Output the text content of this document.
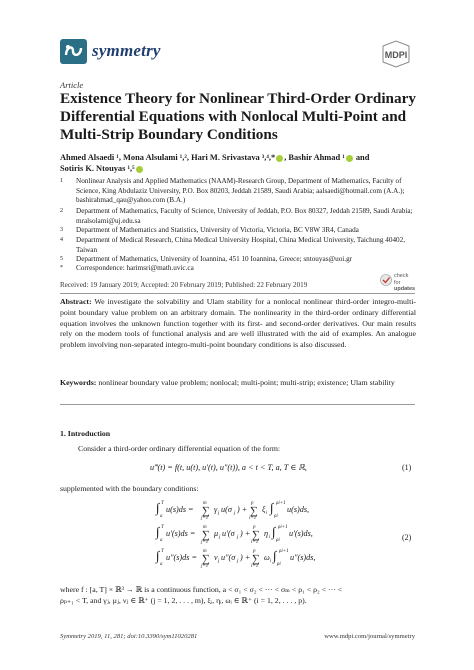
symmetry	MDPI
Article
Existence Theory for Nonlinear Third-Order Ordinary Differential Equations with Nonlocal Multi-Point and Multi-Strip Boundary Conditions
Ahmed Alsaedi ¹, Mona Alsulami ¹,², Hari M. Srivastava ³,⁴,* , Bashir Ahmad ¹ and
Sotiris K. Ntouyas ¹,⁵
1 Nonlinear Analysis and Applied Mathematics (NAAM)-Research Group, Department of Mathematics, Faculty of Science, King Abdulaziz University, P.O. Box 80203, Jeddah 21589, Saudi Arabia; aalsaedi@hotmail.com (A.A.); bashirahmad_qau@yahoo.com (B.A.)
2 Department of Mathematics, Faculty of Science, University of Jeddah, P.O. Box 80327, Jeddah 21589, Saudi Arabia; mralsolami@uj.edu.sa
3 Department of Mathematics and Statistics, University of Victoria, Victoria, BC V8W 3R4, Canada
4 Department of Medical Research, China Medical University Hospital, China Medical University, Taichung 40402, Taiwan
5 Department of Mathematics, University of Ioannina, 451 10 Ioannina, Greece; sntouyas@uoi.gr
* Correspondence: harimsri@math.uvic.ca
check for
updates
Received: 19 January 2019; Accepted: 20 February 2019; Published: 22 February 2019
Abstract: We investigate the solvability and Ulam stability for a nonlocal nonlinear third-order integro-multi-point boundary value problem on an arbitrary domain. The nonlinearity in the third-order ordinary differential equation involves the unknown function together with its first- and second-order derivatives. Our main results rely on the modern tools of functional analysis and are well illustrated with the aid of examples. An analogue problem involving non-separated integro-multi-point boundary conditions is also discussed.
Keywords: nonlinear boundary value problem; nonlocal; multi-point; multi-strip; existence; Ulam stability
1. Introduction
Consider a third-order ordinary differential equation of the form:
u‴(t) = f(t, u(t), u′(t), u″(t)), a < t < T, a, T ∈ ℝ,	(1)
supplemented with the boundary conditions:
∫ T
a
u(s)ds = ∑
m
j=1
γ j u(σ j ) + ∑
p
i=1
ξ i ∫ ρi+1
ρi
u(s)ds,
∫ T
a
u′(s)ds = ∑
m
j=1
μ j u′(σ j ) + ∑
p
i=1
η i ∫ ρi+1
ρi
u′(s)ds,
∫ T
a
u″(s)ds = ∑
m
j=1
ν j u″(σ j ) + ∑
p
i=1
ω i ∫ ρi+1
ρi
u″(s)ds,
(2)
where f : [a, T] × ℝ³ → ℝ is a continuous function, a < σ₁ < σ₂ < ··· < σₘ < ρ₁ < ρ₂ < ··· <
ρₚ₊₁ < T, and γⱼ, μⱼ, νⱼ ∈ ℝ⁺ (j = 1, 2, . . . , m), ξᵢ, ηᵢ, ωᵢ ∈ ℝ⁺ (i = 1, 2, . . . , p).
Symmetry 2019, 11, 281; doi:10.3390/sym11020281	www.mdpi.com/journal/symmetry
